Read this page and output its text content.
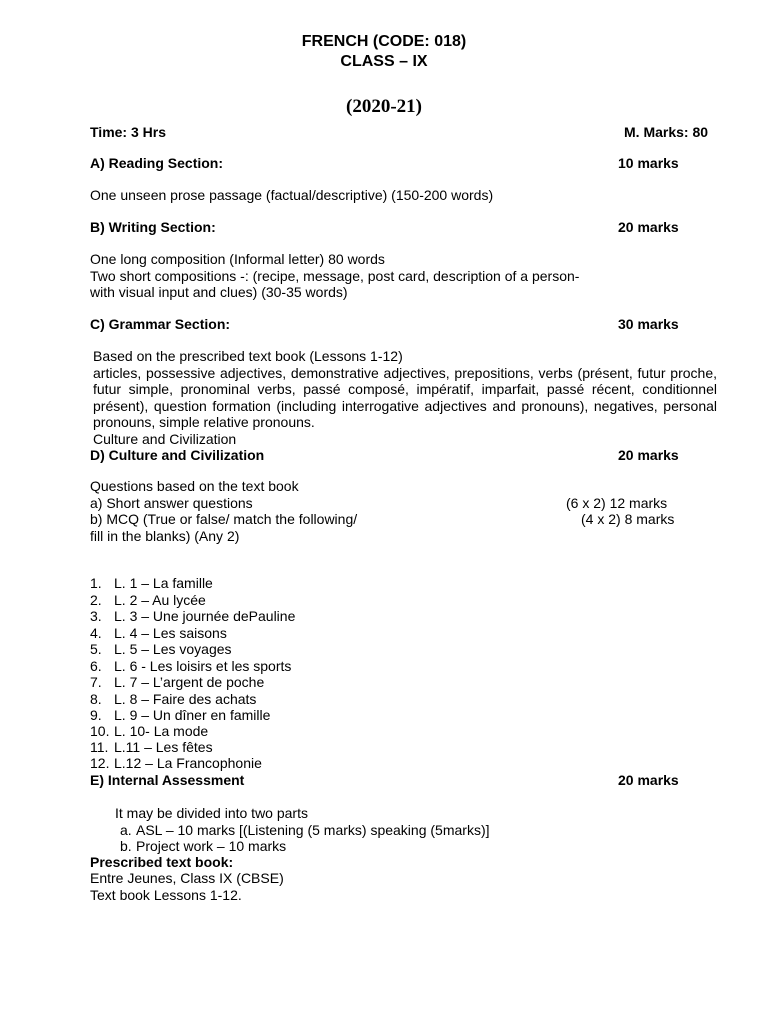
FRENCH (CODE: 018)
CLASS – IX
(2020-21)
Time: 3 Hrs	M. Marks: 80
A) Reading Section:	10 marks
One unseen prose passage (factual/descriptive) (150-200 words)
B) Writing Section:	20 marks
One long composition (Informal letter) 80 words
Two short compositions -: (recipe, message, post card, description of a person-
with visual input and clues) (30-35 words)
C) Grammar Section:	30 marks
Based on the prescribed text book (Lessons 1-12)
articles, possessive adjectives, demonstrative adjectives, prepositions, verbs (présent, futur proche,
futur simple, pronominal verbs, passé composé, impératif, imparfait, passé récent, conditionnel
présent), question formation (including interrogative adjectives and pronouns), negatives, personal
pronouns, simple relative pronouns.
Culture and Civilization
D) Culture and Civilization	20 marks
Questions based on the text book
a) Short answer questions	(6 x 2) 12 marks
b) MCQ (True or false/ match the following/	(4 x 2) 8 marks
fill in the blanks) (Any 2)
1. L. 1 – La famille
2. L. 2 – Au lycée
3. L. 3 – Une journée dePauline
4. L. 4 – Les saisons
5. L. 5 – Les voyages
6. L. 6 - Les loisirs et les sports
7. L. 7 – L’argent de poche
8. L. 8 – Faire des achats
9. L. 9 – Un dîner en famille
10. L. 10- La mode
11. L.11 – Les fêtes
12. L.12 – La Francophonie
E) Internal Assessment	20 marks
It may be divided into two parts
a. ASL – 10 marks [(Listening (5 marks) speaking (5marks)]
b. Project work – 10 marks
Prescribed text book:
Entre Jeunes, Class IX (CBSE)
Text book Lessons 1-12.
